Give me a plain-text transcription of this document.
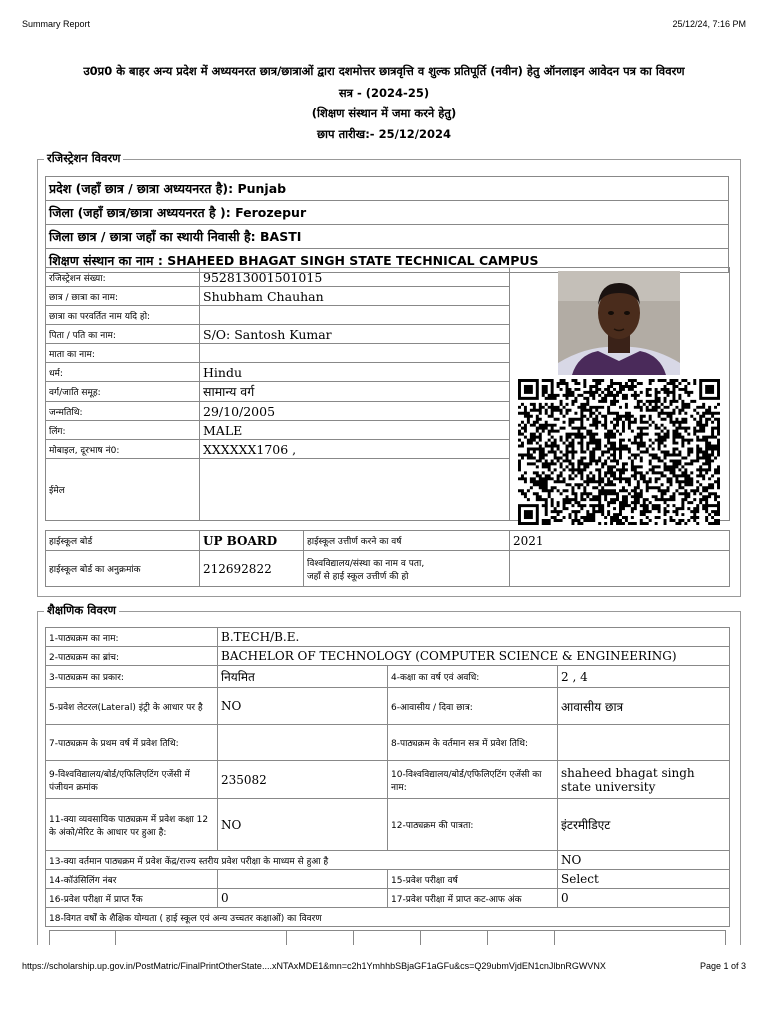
Summary Report	25/12/24, 7:16 PM
उ0प्र0 के बाहर अन्य प्रदेश में अध्ययनरत छात्र/छात्राओं द्वारा दशमोत्तर छात्रवृत्ति व शुल्क प्रतिपूर्ति (नवीन) हेतु ऑनलाइन आवेदन पत्र का विवरण
सत्र - (2024-25)
(शिक्षण संस्थान में जमा करने हेतु)
छाप तारीख:- 25/12/2024
रजिस्ट्रेशन विवरण
प्रदेश (जहाँ छात्र / छात्रा अध्ययनरत है): Punjab
जिला (जहाँ छात्र/छात्रा अध्ययनरत है ): Ferozepur
जिला छात्र / छात्रा जहाँ का स्थायी निवासी है: BASTI
शिक्षण संस्थान का नाम : SHAHEED BHAGAT SINGH STATE TECHNICAL CAMPUS
रजिस्ट्रेशन संख्या:	952813001501015	
छात्र / छात्रा का नाम:	Shubham Chauhan	
छात्रा का परवर्तित नाम यदि हो:		
पिता / पति का नाम:	S/O: Santosh Kumar	
माता का नाम:		
धर्म:	Hindu	
वर्ग/जाति समूह:	सामान्य वर्ग	
जन्मतिथि:	29/10/2005	
लिंग:	MALE	
मोबाइल, दूरभाष नं0:	XXXXXX1706 ,	
ईमेल		
हाईस्कूल बोर्ड	UP BOARD	हाईस्कूल उत्तीर्ण करने का वर्ष	2021
हाईस्कूल बोर्ड का अनुक्रमांक	212692822	विश्वविद्यालय/संस्था का नाम व पता,
जहाँ से हाई स्कूल उत्तीर्ण की हो	

शैक्षणिक विवरण
1-पाठ्यक्रम का नाम:	B.TECH/B.E.		
2-पाठ्यक्रम का ब्रांच:	BACHELOR OF TECHNOLOGY (COMPUTER SCIENCE & ENGINEERING)		
3-पाठ्यक्रम का प्रकार:	नियमित	4-कक्षा का वर्ष एवं अवधि:	2 , 4
5-प्रवेश लेटरल(Lateral) इंट्री के आधार पर है	NO	6-आवासीय / दिवा छात्र:	आवासीय छात्र
7-पाठ्यक्रम के प्रथम वर्ष में प्रवेश तिथि:		8-पाठ्यक्रम के वर्तमान सत्र में प्रवेश तिथि:	
9-विश्वविद्यालय/बोर्ड/एफिलिएटिंग एजेंसी में पंजीयन क्रमांक	235082	10-विश्वविद्यालय/बोर्ड/एफिलिएटिंग एजेंसी का नाम:	shaheed bhagat singh state university
11-क्या व्यवसायिक पाठ्यक्रम में प्रवेश कक्षा 12 के अंको/मेरिट के आधार पर हुआ है:	NO	12-पाठ्यक्रम की पात्रता:	इंटरमीडिएट
13-क्या वर्तमान पाठ्यक्रम में प्रवेश केंद्र/राज्य स्तरीय प्रवेश परीक्षा के माध्यम से हुआ है			NO
14-कॉउंसिलिंग नंबर		15-प्रवेश परीक्षा वर्ष	Select
16-प्रवेश परीक्षा में प्राप्त रैंक	0	17-प्रवेश परीक्षा में प्राप्त कट-आफ अंक	0
18-विगत वर्षों के शैक्षिक योग्यता ( हाई स्कूल एवं अन्य उच्चतर कक्षाओं) का विवरण			

https://scholarship.up.gov.in/PostMatric/FinalPrintOtherState....xNTAxMDE1&mn=c2h1YmhhbSBjaGF1aGFu&cs=Q29ubmVjdEN1cnJlbnRGWVNX	Page 1 of 3
